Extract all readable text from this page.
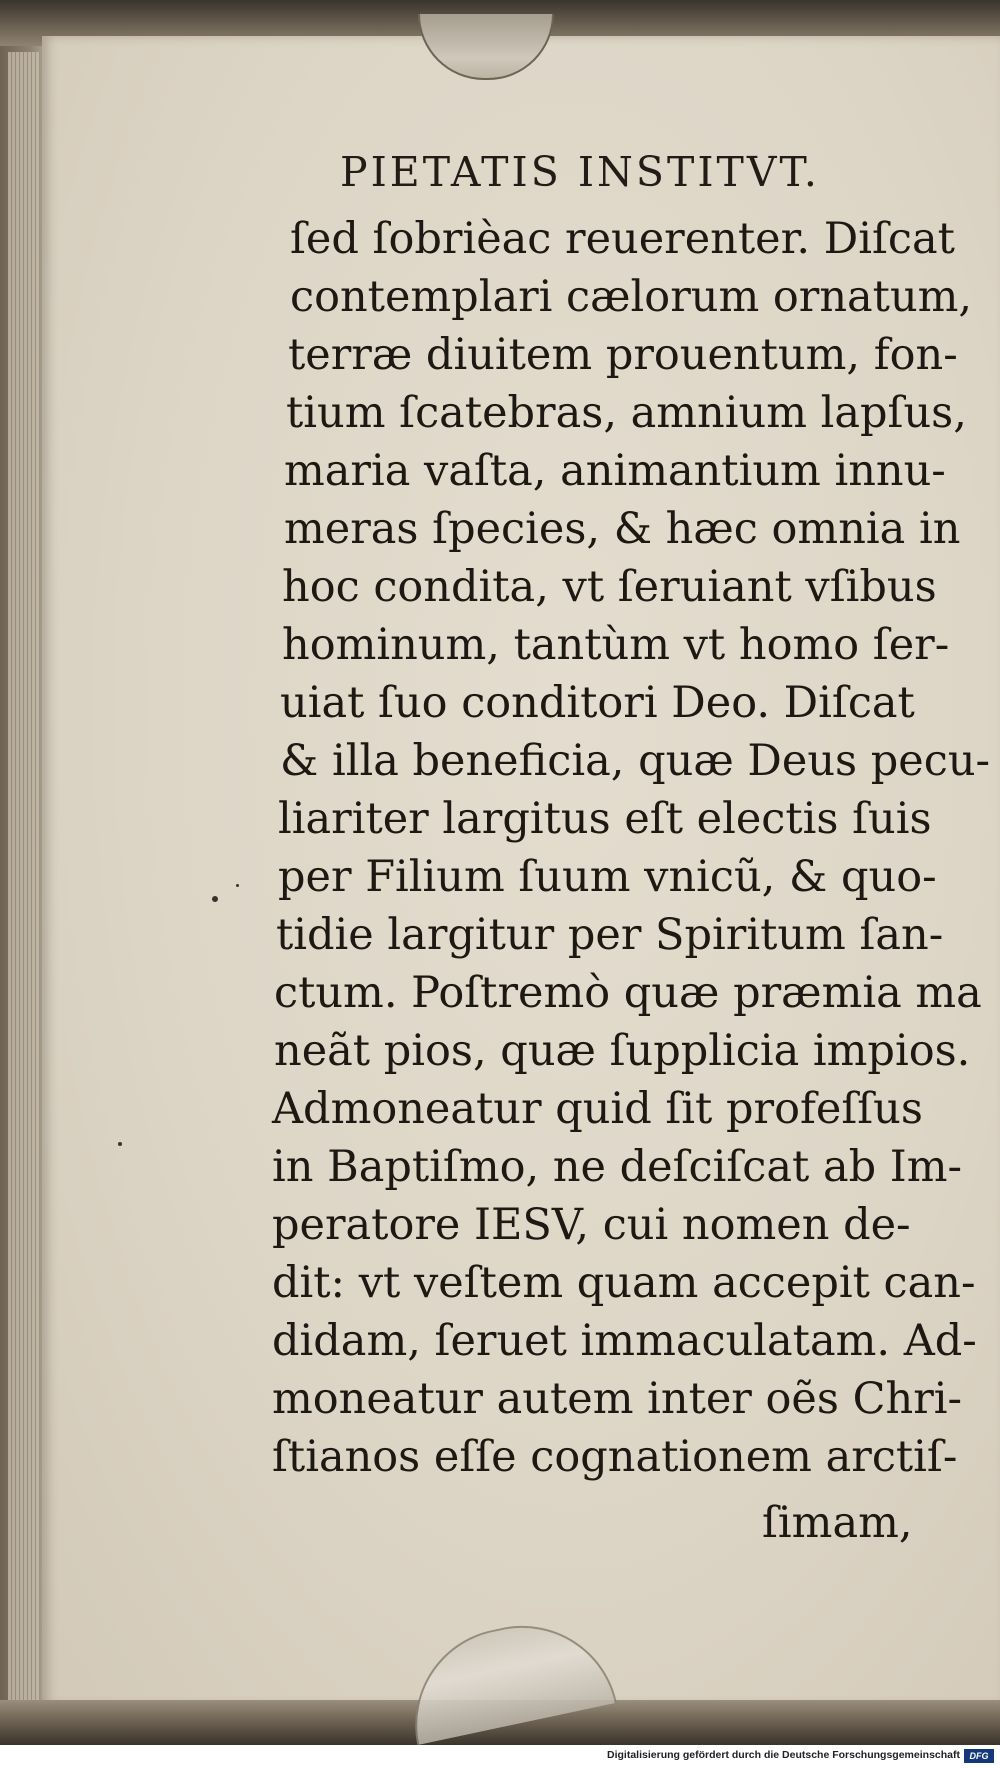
PIETATIS INSTITVT.
ſed ſobrièac reuerenter. Diſcat
contemplari cælorum ornatum,
terræ diuitem prouentum, fon-
tium ſcatebras, amnium lapſus,
maria vaſta, animantium innu-
meras ſpecies, & hæc omnia in
hoc condita, vt ſeruiant vſibus
hominum, tantùm vt homo ſer-
uiat ſuo conditori Deo. Diſcat
& illa beneficia, quæ Deus pecu-
liariter largitus eſt electis ſuis
per Filium ſuum vnicũ, & quo-
tidie largitur per Spiritum ſan-
ctum. Poſtremò quæ præmia ma
neãt pios, quæ ſupplicia impios.
Admoneatur quid ſit profeſſus
in Baptiſmo, ne deſciſcat ab Im-
peratore IESV, cui nomen de-
dit: vt veſtem quam accepit can-
didam, ſeruet immaculatam. Ad-
moneatur autem inter oẽs Chri-
ſtianos eſſe cognationem arctiſ-
ſimam,
Digitalisierung gefördert durch die Deutsche Forschungsgemeinschaft	DFG
